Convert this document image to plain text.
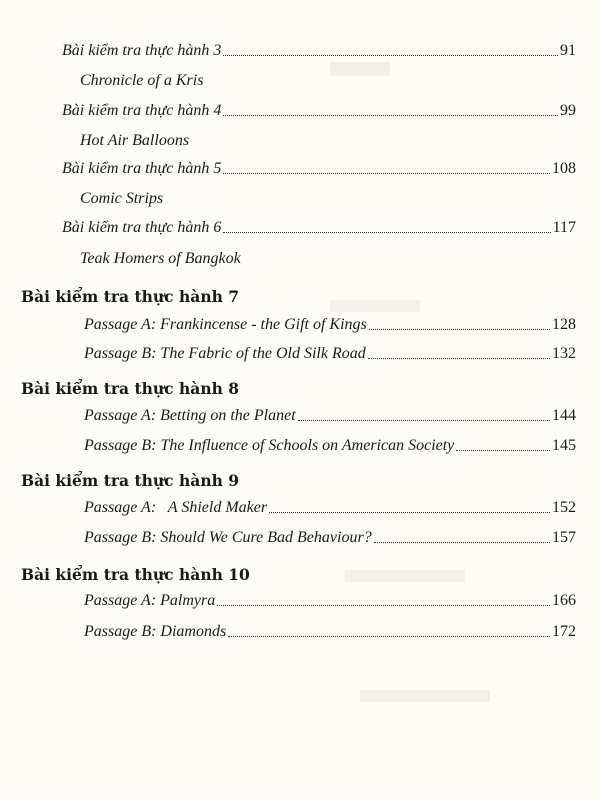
Bài kiểm tra thực hành 3	91
Chronicle of a Kris
Bài kiểm tra thực hành 4	99
Hot Air Balloons
Bài kiểm tra thực hành 5	108
Comic Strips
Bài kiểm tra thực hành 6	117
Teak Homers of Bangkok
Bài kiểm tra thực hành 7
Passage A: Frankincense - the Gift of Kings	128
Passage B: The Fabric of the Old Silk Road	132
Bài kiểm tra thực hành 8
Passage A: Betting on the Planet	144
Passage B: The Influence of Schools on American Society	145
Bài kiểm tra thực hành 9
Passage A:   A Shield Maker	152
Passage B: Should We Cure Bad Behaviour?	157
Bài kiểm tra thực hành 10
Passage A: Palmyra	166
Passage B: Diamonds	172
